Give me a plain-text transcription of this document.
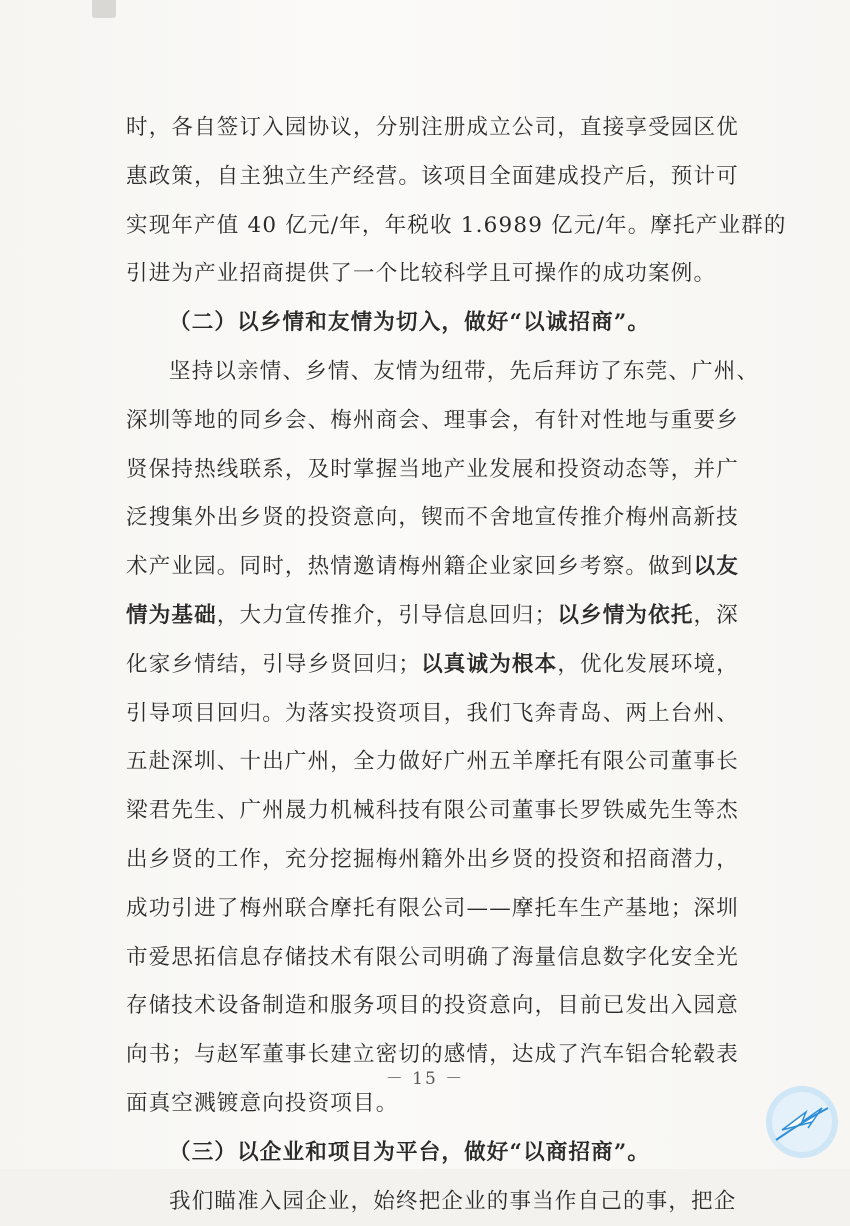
时，各自签订入园协议，分别注册成立公司，直接享受园区优
惠政策，自主独立生产经营。该项目全面建成投产后，预计可
实现年产值 40 亿元/年，年税收 1.6989 亿元/年。摩托产业群的
引进为产业招商提供了一个比较科学且可操作的成功案例。
（二）以乡情和友情为切入，做好“以诚招商”。
坚持以亲情、乡情、友情为纽带，先后拜访了东莞、广州、
深圳等地的同乡会、梅州商会、理事会，有针对性地与重要乡
贤保持热线联系，及时掌握当地产业发展和投资动态等，并广
泛搜集外出乡贤的投资意向，锲而不舍地宣传推介梅州高新技
术产业园。同时，热情邀请梅州籍企业家回乡考察。做到以友
情为基础，大力宣传推介，引导信息回归；以乡情为依托，深
化家乡情结，引导乡贤回归；以真诚为根本，优化发展环境，
引导项目回归。为落实投资项目，我们飞奔青岛、两上台州、
五赴深圳、十出广州，全力做好广州五羊摩托有限公司董事长
梁君先生、广州晟力机械科技有限公司董事长罗铁威先生等杰
出乡贤的工作，充分挖掘梅州籍外出乡贤的投资和招商潜力，
成功引进了梅州联合摩托有限公司——摩托车生产基地；深圳
市爱思拓信息存储技术有限公司明确了海量信息数字化安全光
存储技术设备制造和服务项目的投资意向，目前已发出入园意
向书；与赵军董事长建立密切的感情，达成了汽车铝合轮毂表
面真空溅镀意向投资项目。
（三）以企业和项目为平台，做好“以商招商”。
我们瞄准入园企业，始终把企业的事当作自己的事，把企
－ 15 －
